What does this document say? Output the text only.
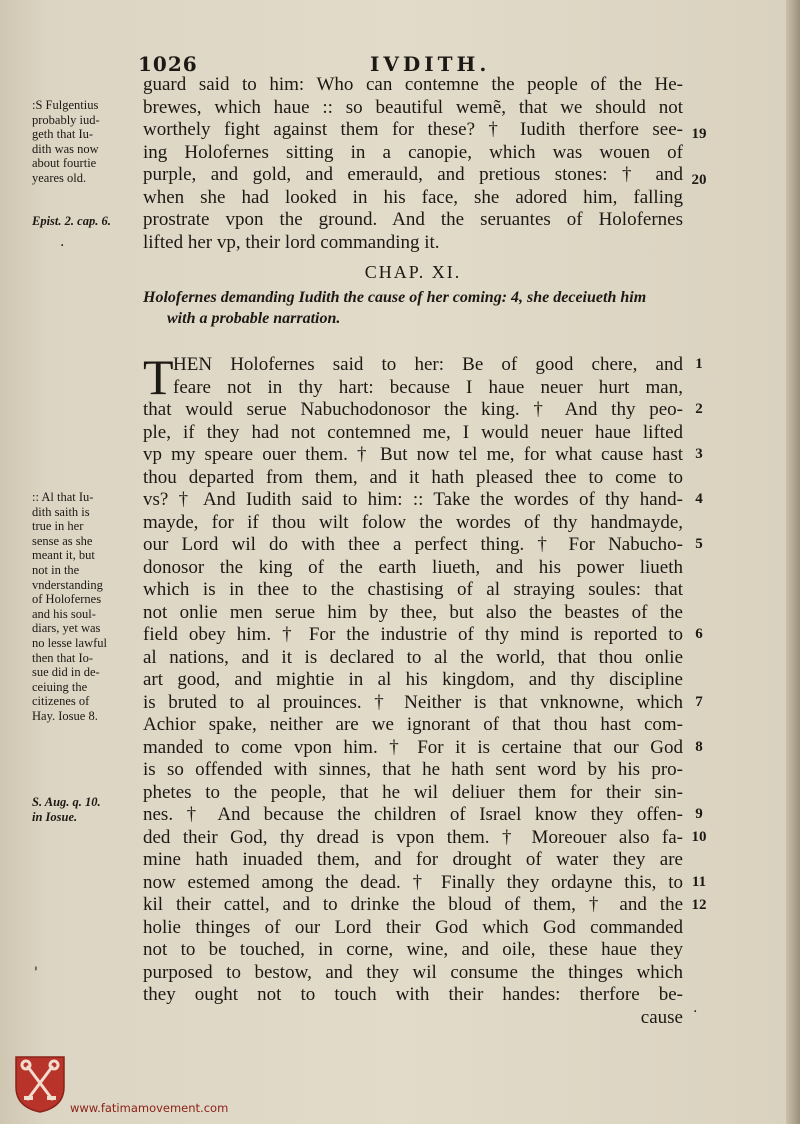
1026	IVDITH.
:S Fulgentius
probably iud-
geth that Iu-
dith was now
about fourtie
yeares old.
Epist. 2. cap. 6.
·
guard said to him: Who can contemne the people of the He-
brewes, which haue :: so beautiful wemẽ, that we should not
worthely fight against them for these? † Iudith therfore see-
ing Holofernes sitting in a canopie, which was wouen of
purple, and gold, and emerauld, and pretious stones: † and
when she had looked in his face, she adored him, falling
prostrate vpon the ground. And the seruantes of Holofernes
lifted her vp, their lord commanding it.
19
20
CHAP. XI.
Holofernes demanding Iudith the cause of her coming: 4, she deceiueth him
with a probable narration.
T HEN Holofernes said to her: Be of good chere, and
feare not in thy hart: because I haue neuer hurt man,
that would serue Nabuchodonosor the king. † And thy peo-
ple, if they had not contemned me, I would neuer haue lifted
vp my speare ouer them. † But now tel me, for what cause hast
thou departed from them, and it hath pleased thee to come to
vs? † And Iudith said to him: :: Take the wordes of thy hand-
mayde, for if thou wilt folow the wordes of thy handmayde,
our Lord wil do with thee a perfect thing. † For Nabucho-
donosor the king of the earth liueth, and his power liueth
which is in thee to the chastising of al straying soules: that
not onlie men serue him by thee, but also the beastes of the
field obey him. † For the industrie of thy mind is reported to
al nations, and it is declared to al the world, that thou onlie
art good, and mightie in al his kingdom, and thy discipline
is bruted to al prouinces. † Neither is that vnknowne, which
Achior spake, neither are we ignorant of that thou hast com-
manded to come vpon him. † For it is certaine that our God
is so offended with sinnes, that he hath sent word by his pro-
phetes to the people, that he wil deliuer them for their sin-
nes. † And because the children of Israel know they offen-
ded their God, thy dread is vpon them. † Moreouer also fa-
mine hath inuaded them, and for drought of water they are
now estemed among the dead. † Finally they ordayne this, to
kil their cattel, and to drinke the bloud of them, † and the
holie thinges of our Lord their God which God commanded
not to be touched, in corne, wine, and oile, these haue they
purposed to bestow, and they wil consume the thinges which
they ought not to touch with their handes: therfore be-
cause
1
2
3
4
5
6
7
8
9
10
11
12
.
:: Al that Iu-
dith saith is
true in her
sense as she
meant it, but
not in the
vnderstanding
of Holofernes
and his soul-
diars, yet was
no lesse lawful
then that Io-
sue did in de-
ceiuing the
citizenes of
Hay. Iosue 8.
S. Aug. q. 10.
in Iosue.
'
www.fatimamovement.com
